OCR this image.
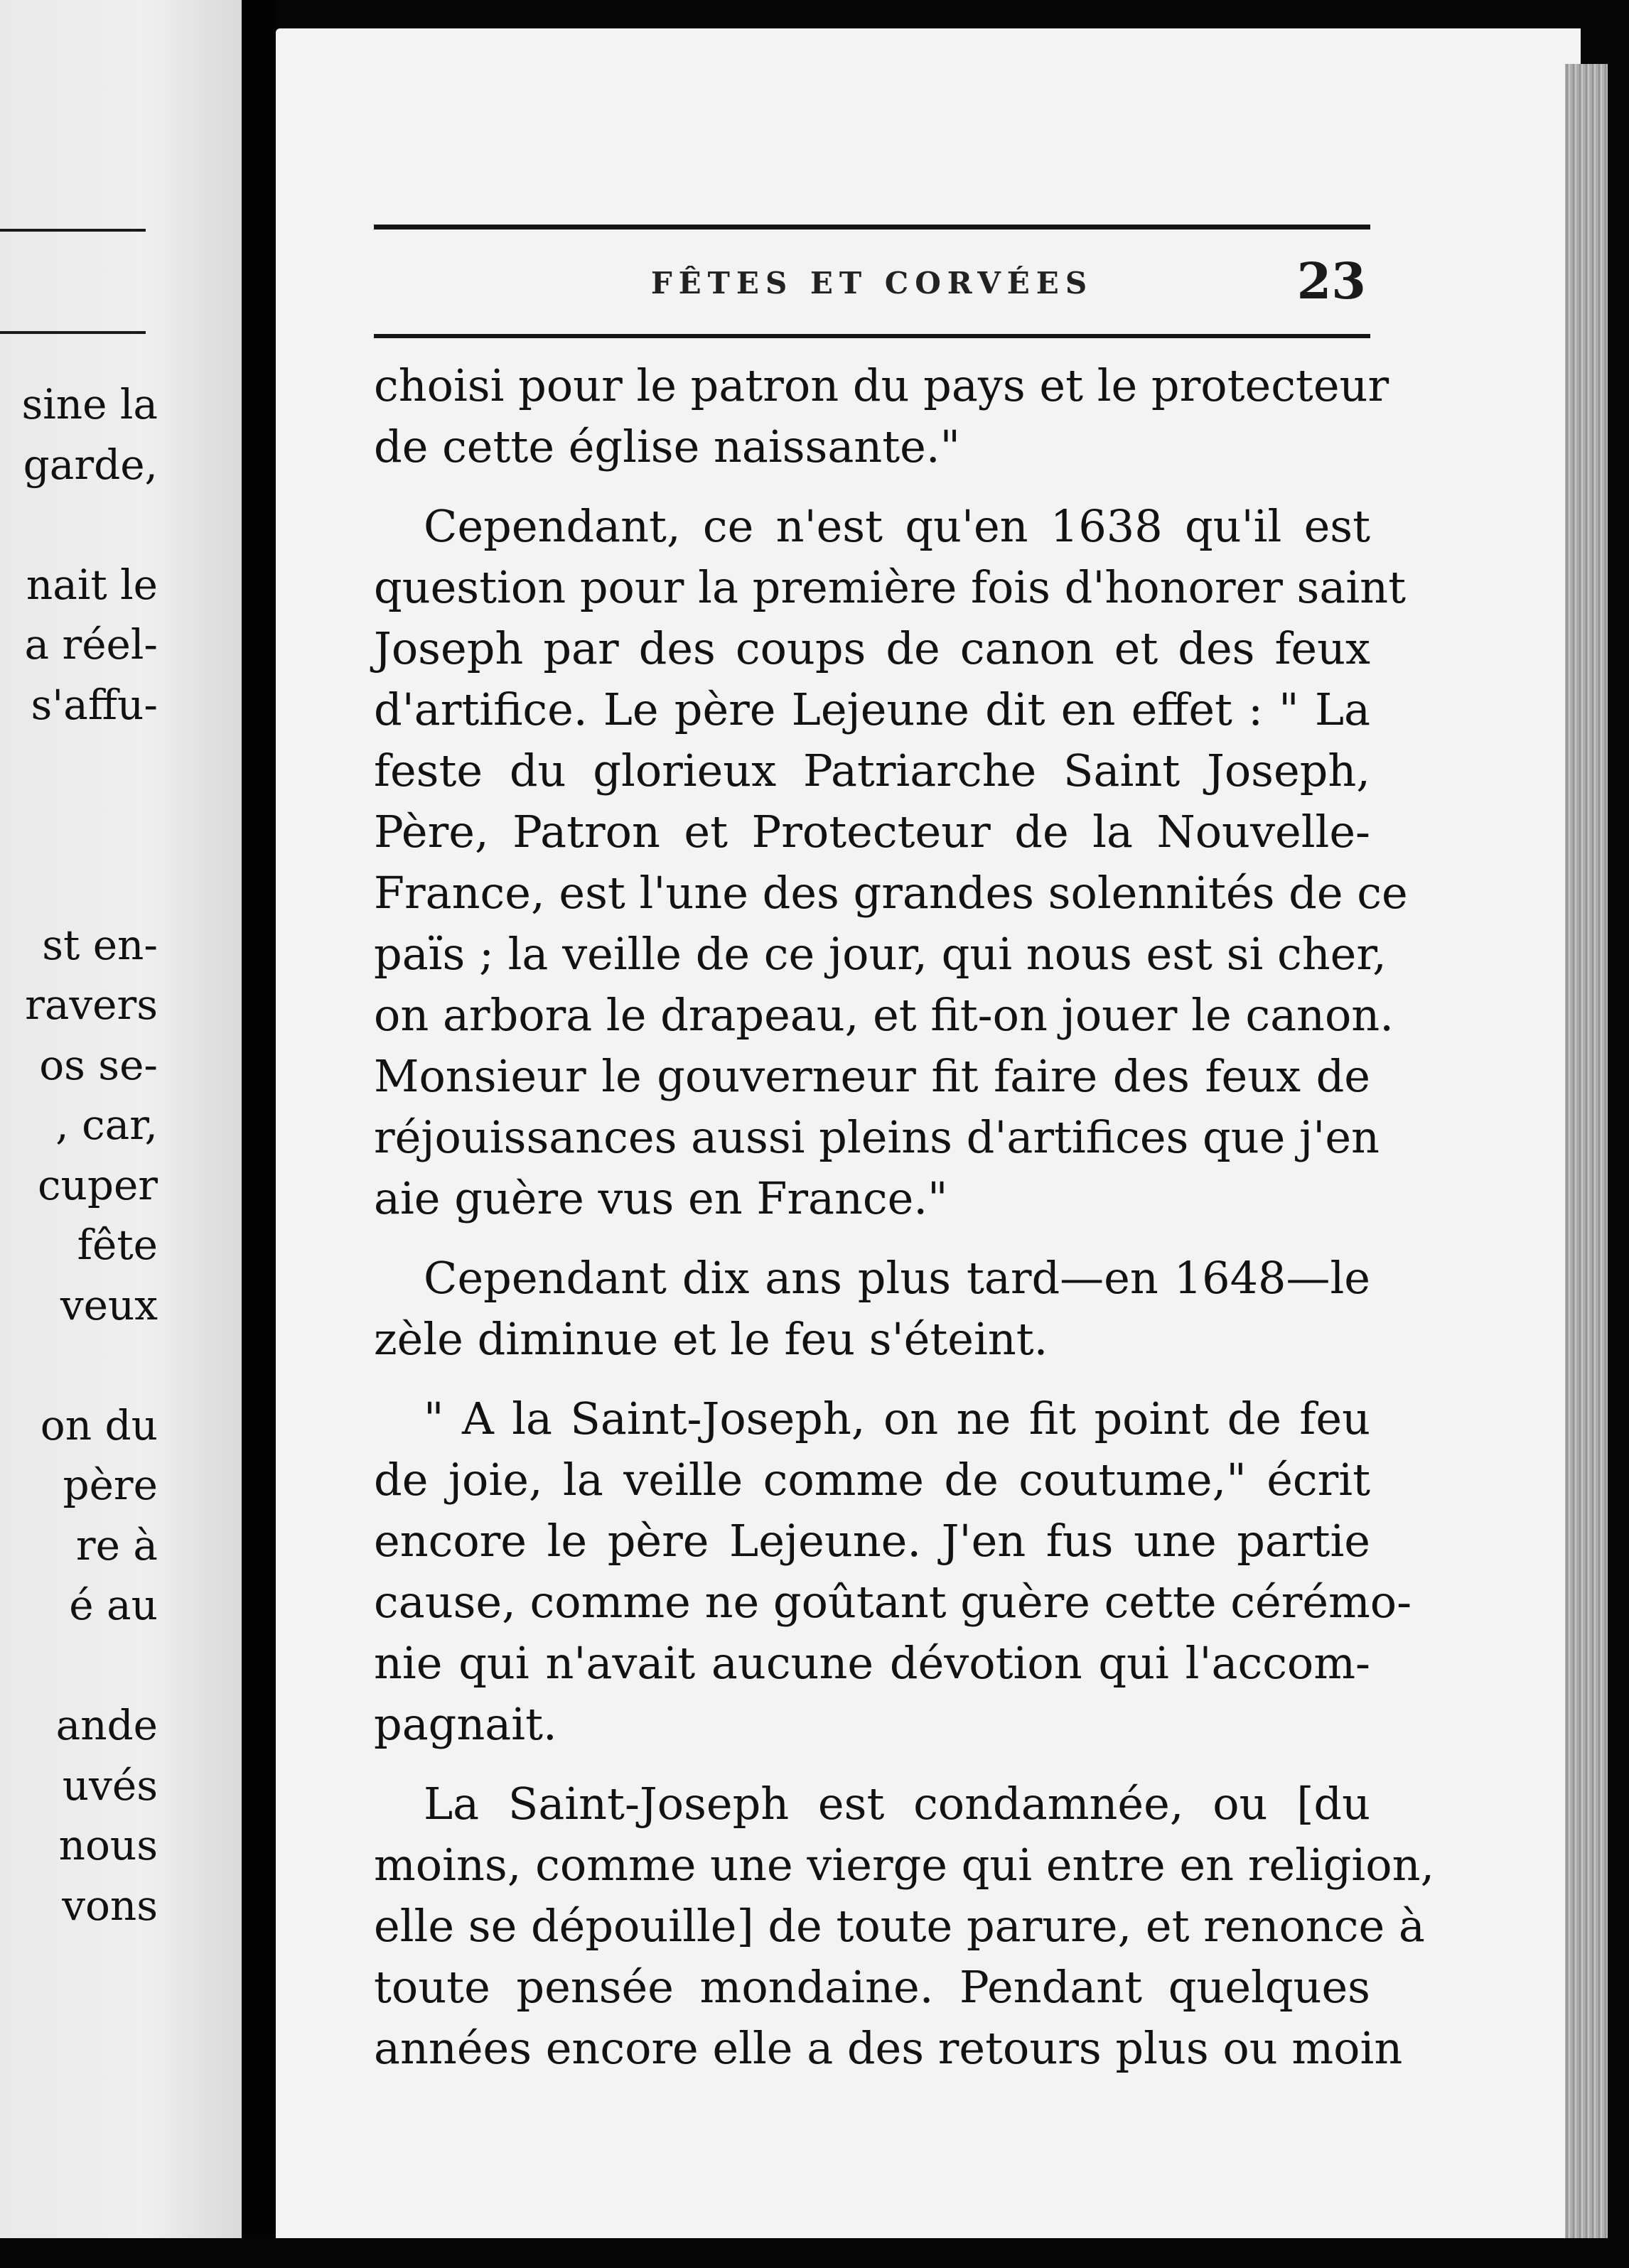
sine la
garde,
nait le
a réel-
s'affu-
st en-
ravers
os se-
, car,
cuper
fête
veux
on du
père
re à
é au
ande
uvés
nous
vons
FÊTES ET CORVÉES	23
choisi pour le patron du pays et le protecteur
de cette église naissante."
Cependant, ce n'est qu'en 1638 qu'il est
question pour la première fois d'honorer saint
Joseph par des coups de canon et des feux
d'artifice. Le père Lejeune dit en effet : " La
feste du glorieux Patriarche Saint Joseph,
Père, Patron et Protecteur de la Nouvelle-
France, est l'une des grandes solennités de ce
païs ; la veille de ce jour, qui nous est si cher,
on arbora le drapeau, et fit-on jouer le canon.
Monsieur le gouverneur fit faire des feux de
réjouissances aussi pleins d'artifices que j'en
aie guère vus en France."
Cependant dix ans plus tard—en 1648—le
zèle diminue et le feu s'éteint.
" A la Saint-Joseph, on ne fit point de feu
de joie, la veille comme de coutume," écrit
encore le père Lejeune. J'en fus une partie
cause, comme ne goûtant guère cette cérémo-
nie qui n'avait aucune dévotion qui l'accom-
pagnait.
La Saint-Joseph est condamnée, ou [du
moins, comme une vierge qui entre en religion,
elle se dépouille] de toute parure, et renonce à
toute pensée mondaine. Pendant quelques
années encore elle a des retours plus ou moin
